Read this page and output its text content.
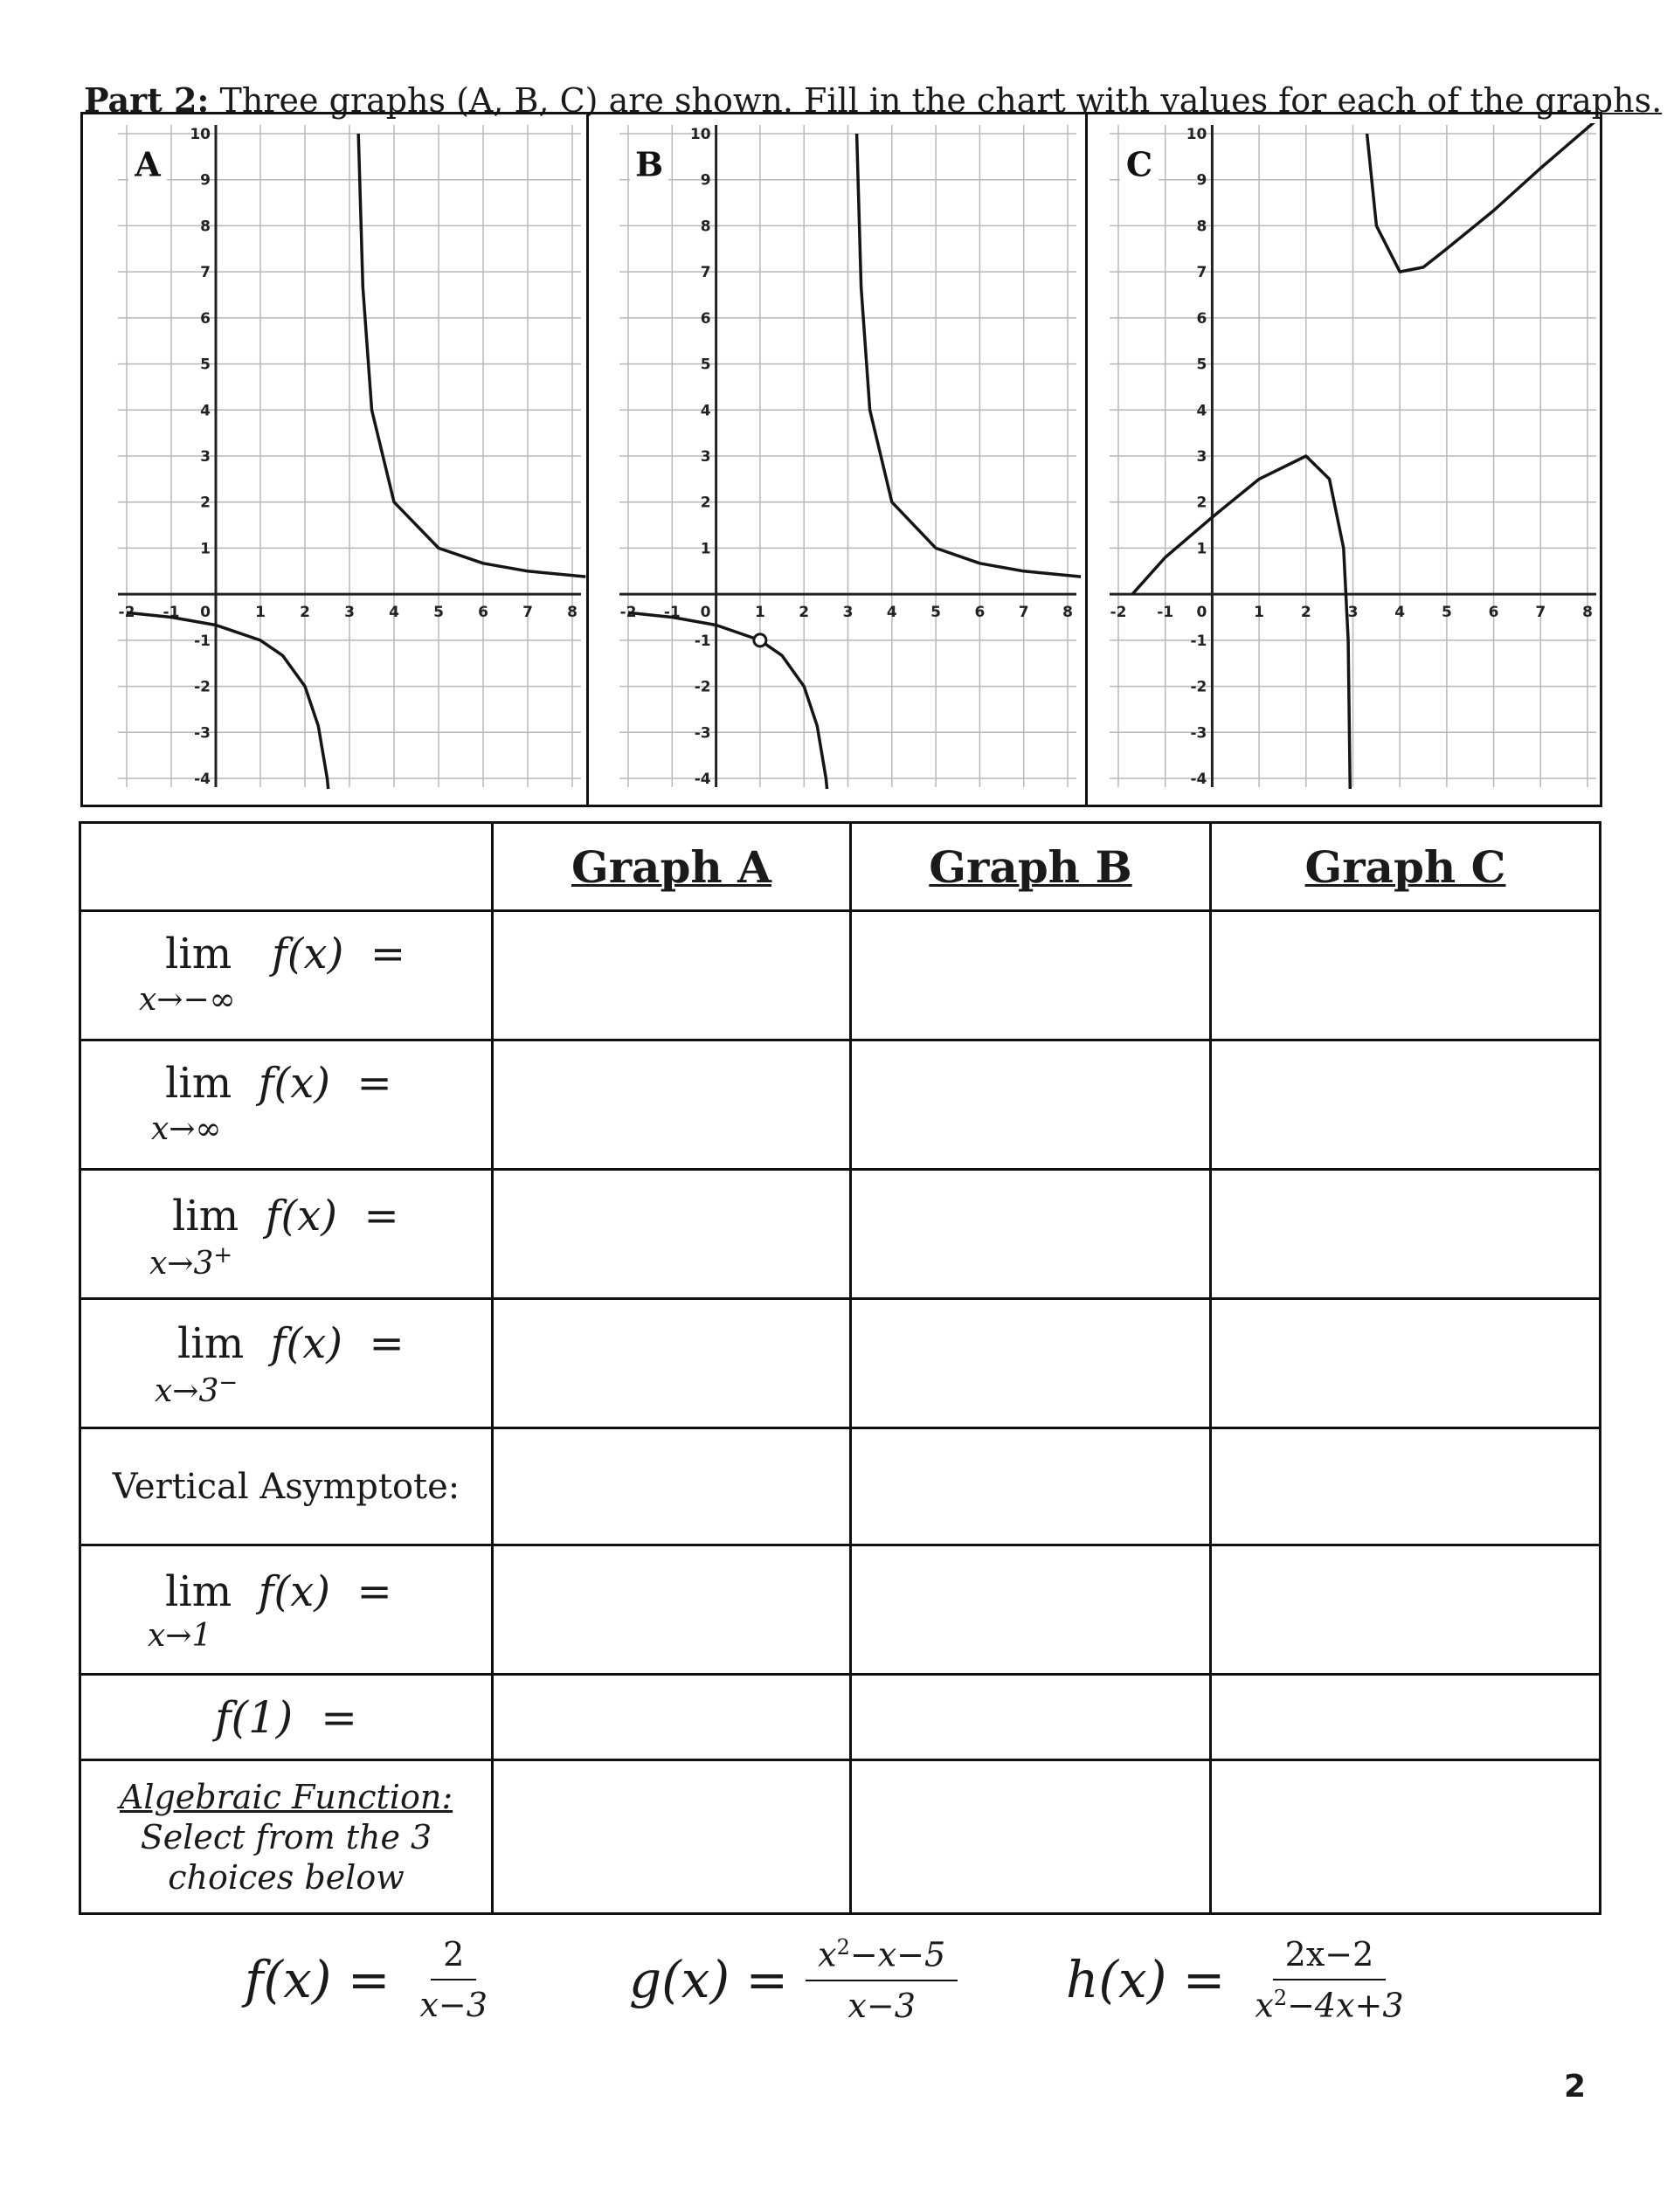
Part 2: Three graphs (A, B, C) are shown. Fill in the chart with values for each of the graphs.
-2 -1 0	1 2 3 4 5 6 7 8
10
9
8
7
6
5
4
3
2
1
-1
-2
-3
-4
A
-2 -1 0	1 2 3 4 5 6 7 8
10
9
8
7
6
5
4
3
2
1
-1
-2
-3
-4
B
-2 -1 0	1 2 3 4 5 6 7 8
10
9
8
7
6
5
4
3
2
1
-1
-2
-3
-4
C
	Graph A	Graph B	Graph C

lim f(x) =
x→−∞			

lim f(x) =
x→∞			

lim f(x) =
x→3+

lim f(x) =
x→3−

Vertical Asymptote:			

lim f(x) =
x→1			

f(1) =			

Algebraic Function:
Select from the 3
choices below			

f(x)
= $\frac{2}{x-3}$	g(x)
= $\frac{x^2-x-5}{x-3} h(x)$
= $\frac{2x-2}{x^2-4x+3}$
2
